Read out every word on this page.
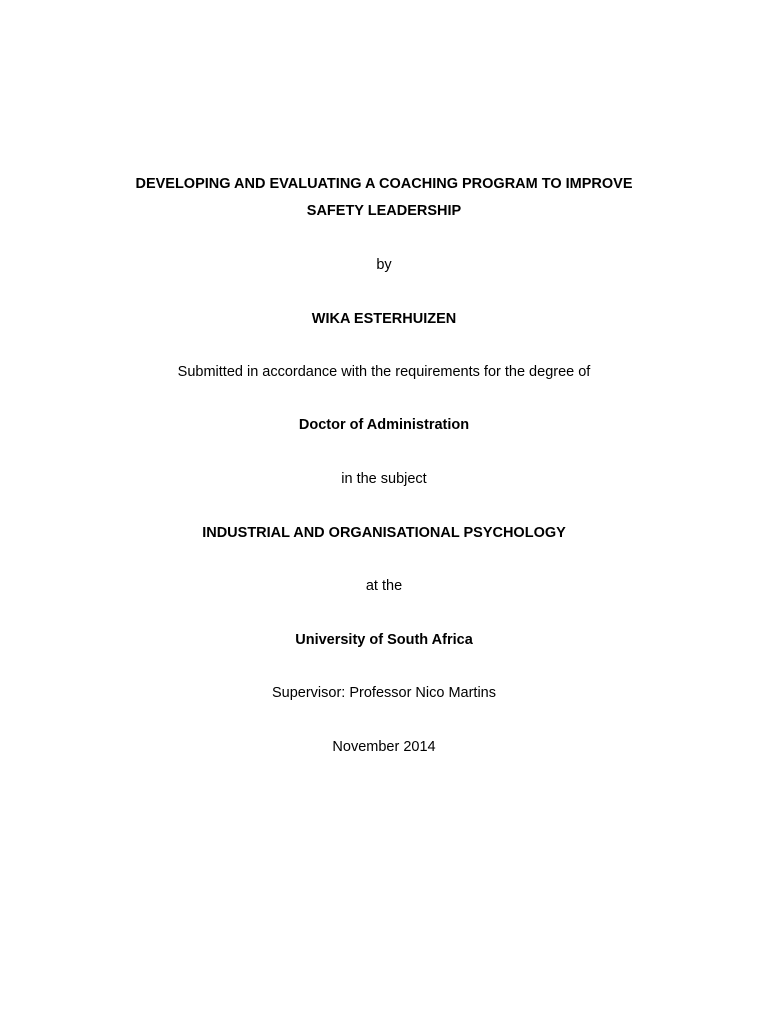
DEVELOPING AND EVALUATING A COACHING PROGRAM TO IMPROVE
SAFETY LEADERSHIP
by
WIKA ESTERHUIZEN
Submitted in accordance with the requirements for the degree of
Doctor of Administration
in the subject
INDUSTRIAL AND ORGANISATIONAL PSYCHOLOGY
at the
University of South Africa
Supervisor: Professor Nico Martins
November 2014
